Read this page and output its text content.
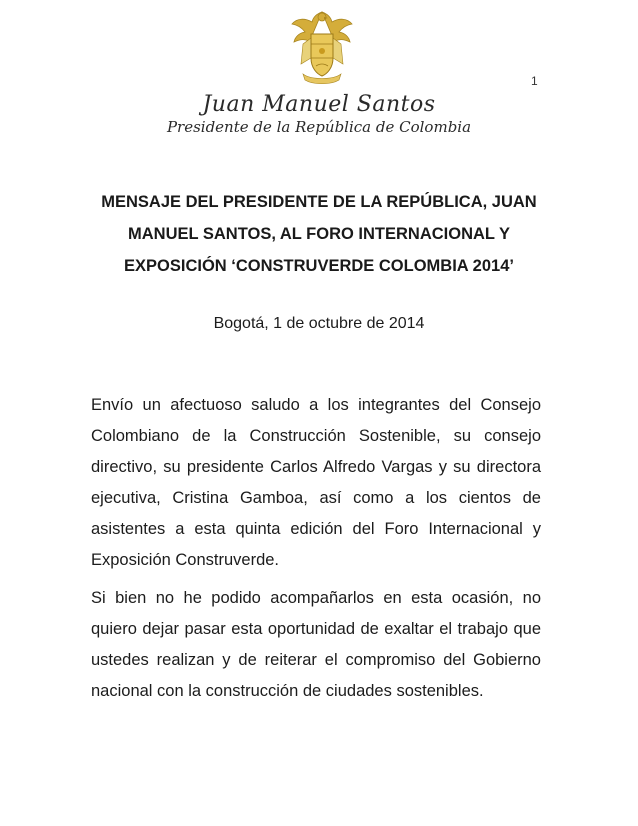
1
Juan Manuel Santos
Presidente de la República de Colombia
MENSAJE DEL PRESIDENTE DE LA REPÚBLICA, JUAN
MANUEL SANTOS, AL FORO INTERNACIONAL Y
EXPOSICIÓN ‘CONSTRUVERDE COLOMBIA 2014’
Bogotá, 1 de octubre de 2014
Envío un afectuoso saludo a los integrantes del Consejo Colombiano de la Construcción Sostenible, su consejo directivo, su presidente Carlos Alfredo Vargas y su directora ejecutiva, Cristina Gamboa, así como a los cientos de asistentes a esta quinta edición del Foro Internacional y Exposición Construverde.
Si bien no he podido acompañarlos en esta ocasión, no quiero dejar pasar esta oportunidad de exaltar el trabajo que ustedes realizan y de reiterar el compromiso del Gobierno nacional con la construcción de ciudades sostenibles.
